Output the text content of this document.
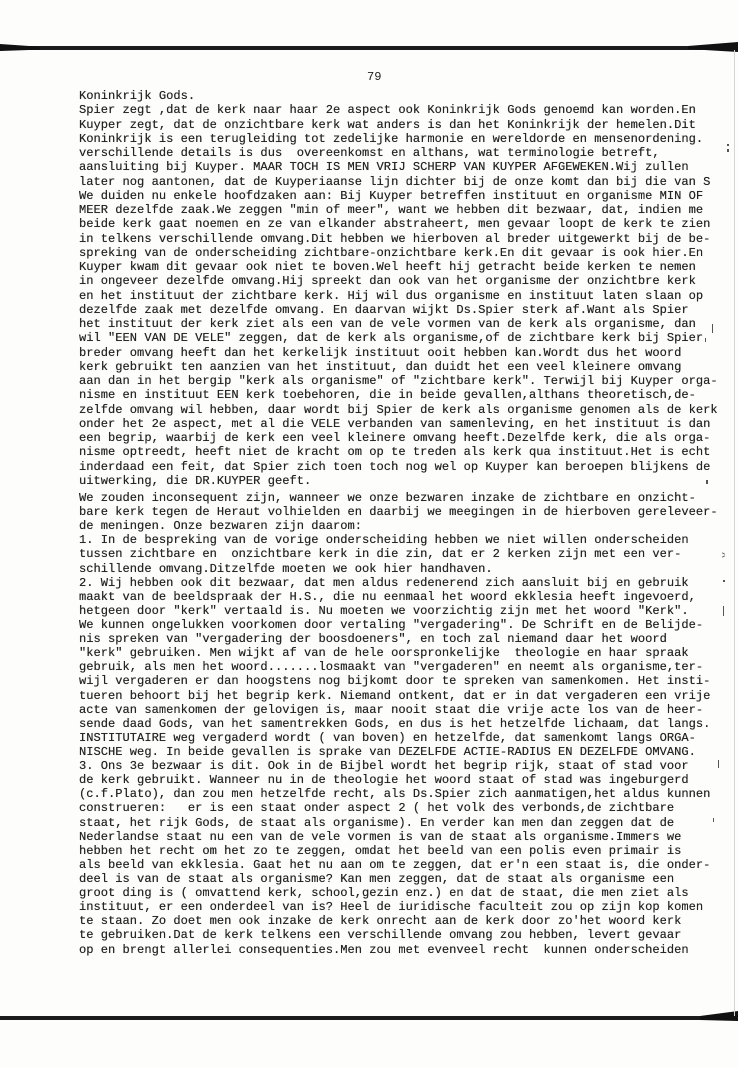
79
Koninkrijk Gods.
Spier zegt ,dat de kerk naar haar 2e aspect ook Koninkrijk Gods genoemd kan worden.En
Kuyper zegt, dat de onzichtbare kerk wat anders is dan het Koninkrijk der hemelen.Dit
Koninkrijk is een terugleiding tot zedelijke harmonie en wereldorde en mensenordening.
verschillende details is dus  overeenkomst en althans, wat terminologie betreft,
aansluiting bij Kuyper. MAAR TOCH IS MEN VRIJ SCHERP VAN KUYPER AFGEWEKEN.Wij zullen
later nog aantonen, dat de Kuyperiaanse lijn dichter bij de onze komt dan bij die van S
We duiden nu enkele hoofdzaken aan: Bij Kuyper betreffen instituut en organisme MIN OF
MEER dezelfde zaak.We zeggen "min of meer", want we hebben dit bezwaar, dat, indien me
beide kerk gaat noemen en ze van elkander abstraheert, men gevaar loopt de kerk te zien
in telkens verschillende omvang.Dit hebben we hierboven al breder uitgewerkt bij de be-
spreking van de onderscheiding zichtbare-onzichtbare kerk.En dit gevaar is ook hier.En
Kuyper kwam dit gevaar ook niet te boven.Wel heeft hij getracht beide kerken te nemen
in ongeveer dezelfde omvang.Hij spreekt dan ook van het organisme der onzichtbre kerk
en het instituut der zichtbare kerk. Hij wil dus organisme en instituut laten slaan op
dezelfde zaak met dezelfde omvang. En daarvan wijkt Ds.Spier sterk af.Want als Spier
het instituut der kerk ziet als een van de vele vormen van de kerk als organisme, dan
wil "EEN VAN DE VELE" zeggen, dat de kerk als organisme,of de zichtbare kerk bij Spier
breder omvang heeft dan het kerkelijk instituut ooit hebben kan.Wordt dus het woord
kerk gebruikt ten aanzien van het instituut, dan duidt het een veel kleinere omvang
aan dan in het bergip "kerk als organisme" of "zichtbare kerk". Terwijl bij Kuyper orga-
nisme en instituut EEN kerk toebehoren, die in beide gevallen,althans theoretisch,de-
zelfde omvang wil hebben, daar wordt bij Spier de kerk als organisme genomen als de kerk
onder het 2e aspect, met al die VELE verbanden van samenleving, en het instituut is dan
een begrip, waarbij de kerk een veel kleinere omvang heeft.Dezelfde kerk, die als orga-
nisme optreedt, heeft niet de kracht om op te treden als kerk qua instituut.Het is echt
inderdaad een feit, dat Spier zich toen toch nog wel op Kuyper kan beroepen blijkens de
uitwerking, die DR.KUYPER geeft.
We zouden inconsequent zijn, wanneer we onze bezwaren inzake de zichtbare en onzicht-
bare kerk tegen de Heraut volhielden en daarbij we meegingen in de hierboven gereleveer-
de meningen. Onze bezwaren zijn daarom:
1. In de bespreking van de vorige onderscheiding hebben we niet willen onderscheiden
tussen zichtbare en  onzichtbare kerk in die zin, dat er 2 kerken zijn met een ver-
schillende omvang.Ditzelfde moeten we ook hier handhaven.
2. Wij hebben ook dit bezwaar, dat men aldus redenerend zich aansluit bij en gebruik
maakt van de beeldspraak der H.S., die nu eenmaal het woord ekklesia heeft ingevoerd,
hetgeen door "kerk" vertaald is. Nu moeten we voorzichtig zijn met het woord "Kerk".
We kunnen ongelukken voorkomen door vertaling "vergadering". De Schrift en de Belijde-
nis spreken van "vergadering der boosdoeners", en toch zal niemand daar het woord
"kerk" gebruiken. Men wijkt af van de hele oorspronkelijke  theologie en haar spraak
gebruik, als men het woord.......losmaakt van "vergaderen" en neemt als organisme,ter-
wijl vergaderen er dan hoogstens nog bijkomt door te spreken van samenkomen. Het insti-
tueren behoort bij het begrip kerk. Niemand ontkent, dat er in dat vergaderen een vrije
acte van samenkomen der gelovigen is, maar nooit staat die vrije acte los van de heer-
sende daad Gods, van het samentrekken Gods, en dus is het hetzelfde lichaam, dat langs.
INSTITUTAIRE weg vergaderd wordt ( van boven) en hetzelfde, dat samenkomt langs ORGA-
NISCHE weg. In beide gevallen is sprake van DEZELFDE ACTIE-RADIUS EN DEZELFDE OMVANG.
3. Ons 3e bezwaar is dit. Ook in de Bijbel wordt het begrip rijk, staat of stad voor
de kerk gebruikt. Wanneer nu in de theologie het woord staat of stad was ingeburgerd
(c.f.Plato), dan zou men hetzelfde recht, als Ds.Spier zich aanmatigen,het aldus kunnen
construeren:   er is een staat onder aspect 2 ( het volk des verbonds,de zichtbare
staat, het rijk Gods, de staat als organisme). En verder kan men dan zeggen dat de
Nederlandse staat nu een van de vele vormen is van de staat als organisme.Immers we
hebben het recht om het zo te zeggen, omdat het beeld van een polis even primair is
als beeld van ekklesia. Gaat het nu aan om te zeggen, dat er'n een staat is, die onder-
deel is van de staat als organisme? Kan men zeggen, dat de staat als organisme een
groot ding is ( omvattend kerk, school,gezin enz.) en dat de staat, die men ziet als
instituut, er een onderdeel van is? Heel de iuridische faculteit zou op zijn kop komen
te staan. Zo doet men ook inzake de kerk onrecht aan de kerk door zo'het woord kerk
te gebruiken.Dat de kerk telkens een verschillende omvang zou hebben, levert gevaar
op en brengt allerlei consequenties.Men zou met evenveel recht  kunnen onderscheiden
